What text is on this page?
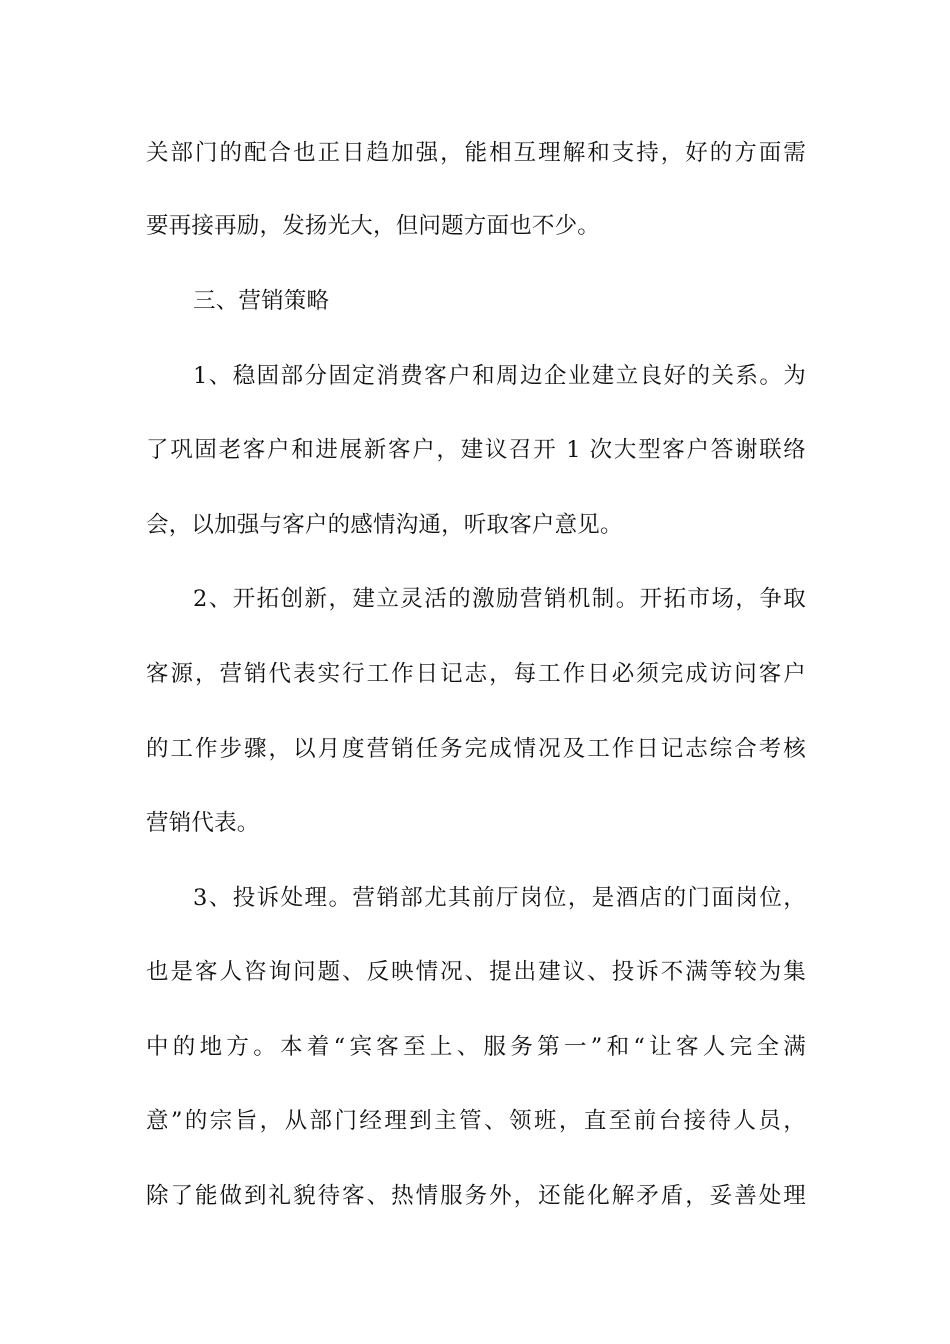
关部门的配合也正日趋加强，能相互理解和支持，好的方面需
要再接再励，发扬光大，但问题方面也不少。
三、营销策略
1、稳固部分固定消费客户和周边企业建立良好的关系。为
了巩固老客户和进展新客户，建议召开 1 次大型客户答谢联络
会，以加强与客户的感情沟通，听取客户意见。
2、开拓创新，建立灵活的激励营销机制。开拓市场，争取
客源，营销代表实行工作日记志，每工作日必须完成访问客户
的工作步骤，以月度营销任务完成情况及工作日记志综合考核
营销代表。
3、投诉处理。营销部尤其前厅岗位，是酒店的门面岗位，
也是客人咨询问题、反映情况、提出建议、投诉不满等较为集
中的地方。本着“宾客至上、服务第一”和“让客人完全满
意”的宗旨，从部门经理到主管、领班，直至前台接待人员，
除了能做到礼貌待客、热情服务外，还能化解矛盾，妥善处理
